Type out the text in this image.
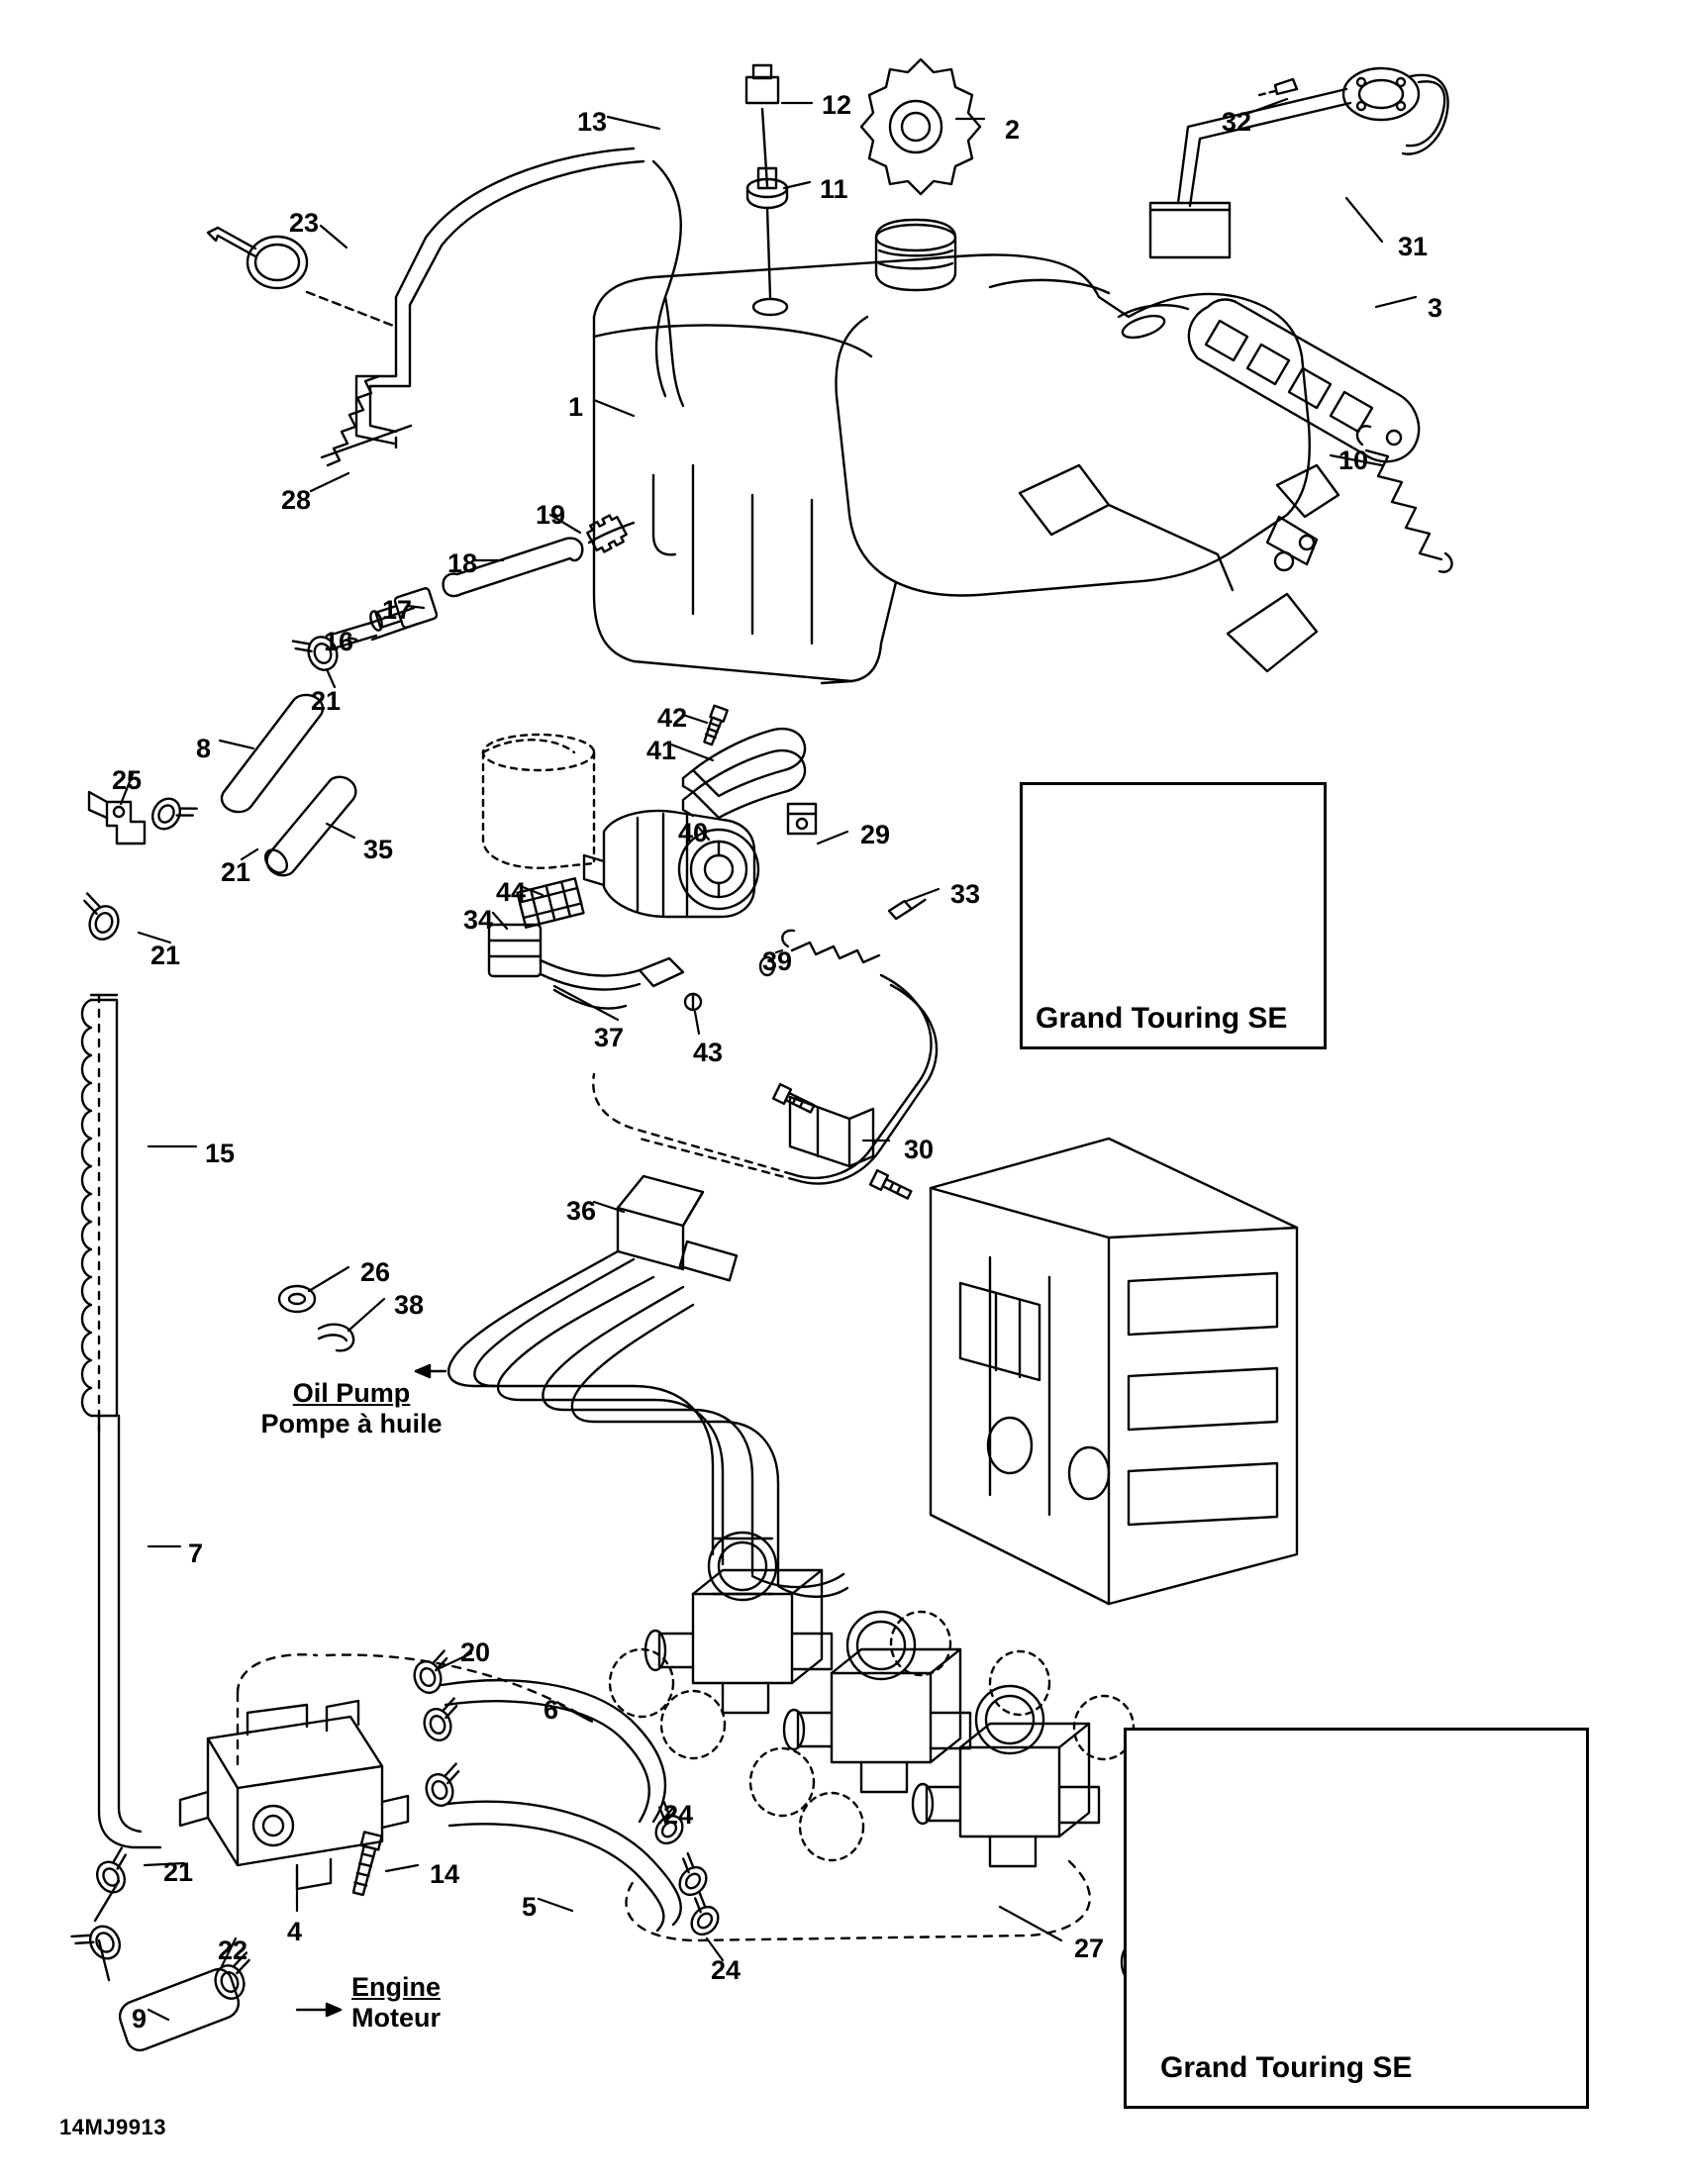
13
12
2	32
11
31
23
3
1
10
28	19
18
17
16
21
8
42
41
25
35
21
40	29
44
34
33
21	39
37	43
15	30
36
26
38
7
20
6
24
14
5
27
21
4
22
24
9
Oil Pump
Pompe à huile
Engine
Moteur
Grand Touring SE
Grand Touring SE
14MJ9913
